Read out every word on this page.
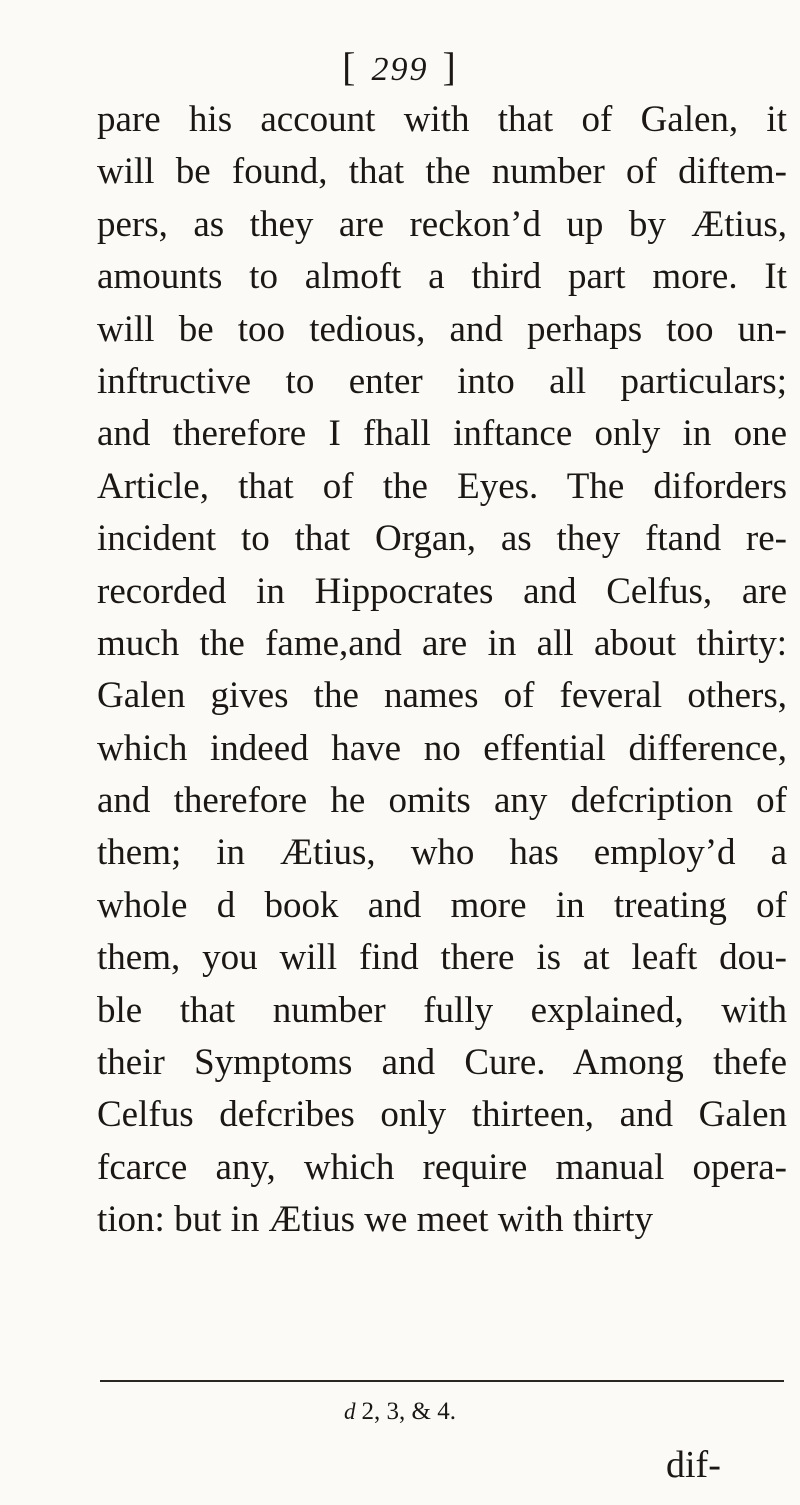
[ 299 ]
pare his account with that of Galen, it
will be found, that the number of diftem-
pers, as they are reckon’d up by Ætius,
amounts to almoft a third part more. It
will be too tedious, and perhaps too un-
inftructive to enter into all particulars;
and therefore I fhall inftance only in one
Article, that of the Eyes. The diforders
incident to that Organ, as they ftand re-
recorded in Hippocrates and Celfus, are
much the fame,and are in all about thirty:
Galen gives the names of feveral others,
which indeed have no effential difference,
and therefore he omits any defcription of
them; in Ætius, who has employ’d a
whole d book and more in treating of
them, you will find there is at leaft dou-
ble that number fully explained, with
their Symptoms and Cure. Among thefe
Celfus defcribes only thirteen, and Galen
fcarce any, which require manual opera-
tion: but in Ætius we meet with thirty
d 2, 3, & 4.
dif-
